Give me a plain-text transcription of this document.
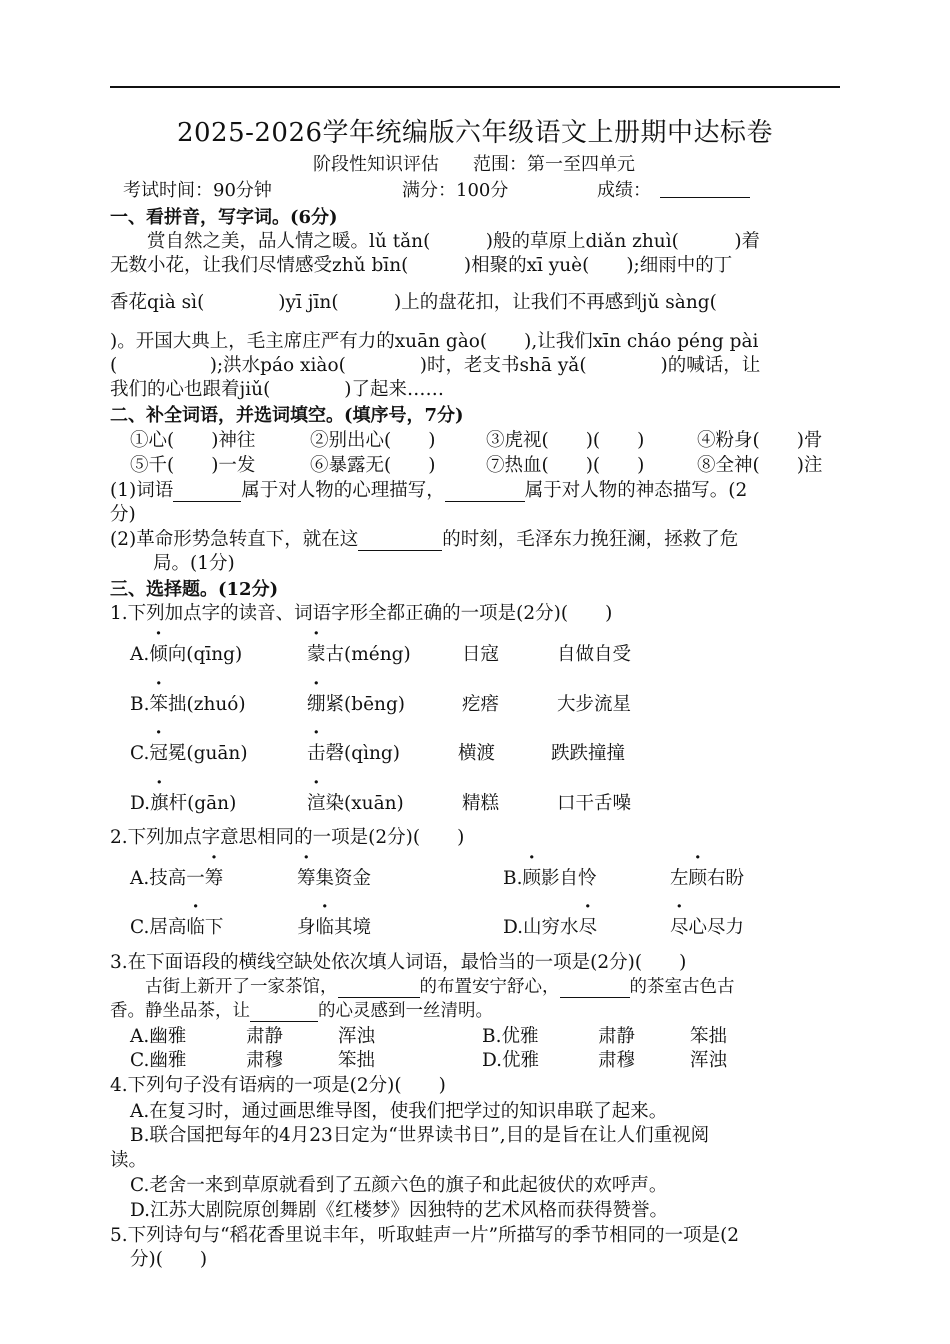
2025-2026学年统编版六年级语文上册期中达标卷
阶段性知识评估 范围：第一至四单元
考试时间：90分钟	满分：100分	成绩：
一、看拼音，写字词。(6分)
　　赏自然之美，品人情之暖。lǔ tǎn(　　　)般的草原上diǎn zhuì(　　　)着
无数小花，让我们尽情感受zhǔ bīn(　　　)相聚的xī yuè(　　);细雨中的丁
香花qià sì(　　　　)yī jīn(　　　)上的盘花扣，让我们不再感到jǔ sàng(
)。开国大典上，毛主席庄严有力的xuān gào(　　),让我们xīn cháo péng pài
(　　　　　);洪水páo xiào(　　　　)时，老支书shā yǎ(　　　　)的喊话，让
我们的心也跟着jiǔ(　　　　)了起来……
二、补全词语，并选词填空。(填序号，7分)
①心(　　)神往	②别出心(　　)	③虎视(　　)(　　)	④粉身(　　)骨
⑤千(　　)一发	⑥暴露无(　　)	⑦热血(　　)(　　)	⑧全神(　　)注
(1)词语	属于对人物的心理描写，	属于对人物的神态描写。(2
分)
(2)革命形势急转直下，就在这	的时刻，毛泽东力挽狂澜，拯救了危
局。(1分)
三、选择题。(12分)
1.下列加点字的读音、词语字形全都正确的一项是(2分)(　　)
A.倾向(qīng)	蒙古(méng)	日寇	自做自受
B.笨拙(zhuó)	绷紧(bēng)	疙瘩	大步流星
C.冠冕(guān)	击磬(qìng)	横渡	跌跌撞撞
D.旗杆(gān)	渲染(xuān)	精糕	口干舌噪
2.下列加点字意思相同的一项是(2分)(　　)
A.技高一筹	筹集资金	B.顾影自怜	左顾右盼
C.居高临下	身临其境	D.山穷水尽	尽心尽力
3.在下面语段的横线空缺处依次填人词语，最恰当的一项是(2分)(　　)
　　古街上新开了一家茶馆，	的布置安宁舒心，	的茶室古色古
香。静坐品茶，让	的心灵感到一丝清明。
A.幽雅	肃静	浑浊	B.优雅	肃静	笨拙
C.幽雅	肃穆	笨拙	D.优雅	肃穆	浑浊
4.下列句子没有语病的一项是(2分)(　　)
A.在复习时，通过画思维导图，使我们把学过的知识串联了起来。
B.联合国把每年的4月23日定为“世界读书日”,目的是旨在让人们重视阅
读。
C.老舍一来到草原就看到了五颜六色的旗子和此起彼伏的欢呼声。
D.江苏大剧院原创舞剧《红楼梦》因独特的艺术风格而获得赞誉。
5.下列诗句与“稻花香里说丰年，听取蛙声一片”所描写的季节相同的一项是(2
分)(　　)
